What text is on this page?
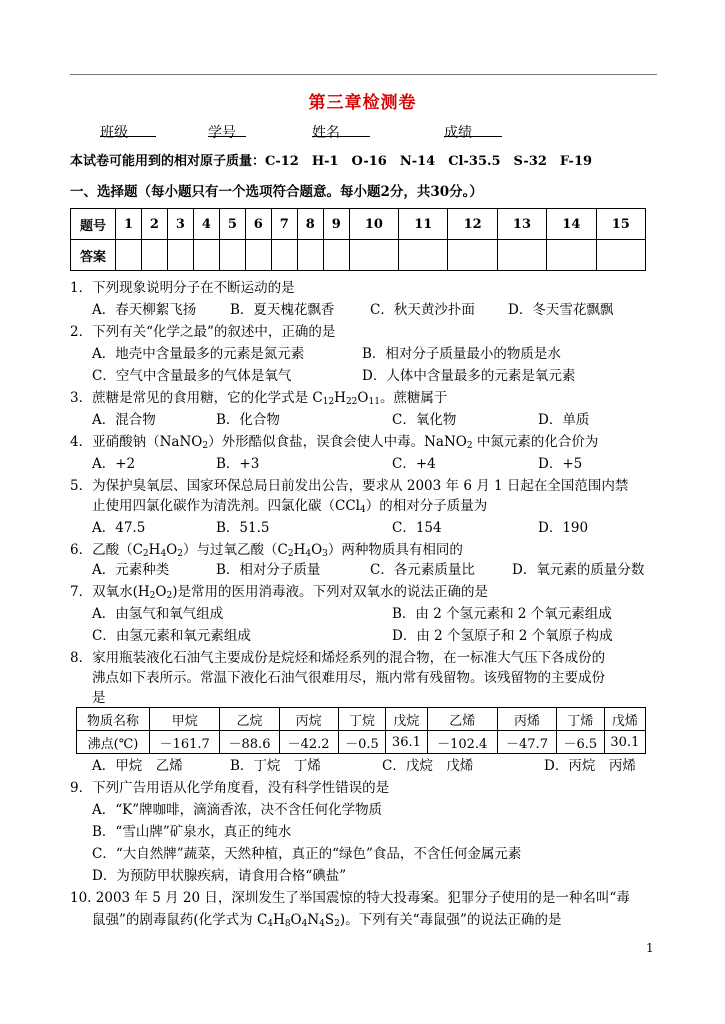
第三章检测卷
班级	学号	姓名	成绩
本试卷可能用到的相对原子质量：C-12　H-1　O-16　N-14　Cl-35.5　S-32　F-19
一、选择题（每小题只有一个选项符合题意。每小题2分，共30分。）
题号	1	2	3	4	5	6	7	8	9	10	11	12	13	14	15
答案															
1．下列现象说明分子在不断运动的是
A．春天柳絮飞扬	B．夏天槐花飘香	C．秋天黄沙扑面 D．冬天雪花飘飘
2．下列有关“化学之最”的叙述中，正确的是
A．地壳中含量最多的元素是氮元素	B．相对分子质量最小的物质是水
C．空气中含量最多的气体是氧气	D．人体中含量最多的元素是氧元素
3．蔗糖是常见的食用糖，它的化学式是 $C_{12}H_{22}O_{11}$。蔗糖属于
A．混合物	B．化合物	C．氧化物	D．单质
4．亚硝酸钠（NaNO$_2$）外形酷似食盐，误食会使人中毒。NaNO$_2$ 中氮元素的化合价为
A．+2	B．+3	C．+4	D．+5
5．为保护臭氧层、国家环保总局日前发出公告，要求从 2003 年 6 月 1 日起在全国范围内禁
止使用四氯化碳作为清洗剂。四氯化碳（CCl$_4$）的相对分子质量为
A．47.5	B．51.5	C．154	D．190
6．乙酸$(C_2H_4O_2)$与过氧乙酸$(C_2H_4O_3)$两种物质具有相同的
A．元素种类	B．相对分子质量	C．各元素质量比	D．氧元素的质量分数
7．双氧水$(H_2O_2)$是常用的医用消毒液。下列对双氧水的说法正确的是
A．由氢气和氧气组成	B．由 2 个氢元素和 2 个氧元素组成
C．由氢元素和氧元素组成	D．由 2 个氢原子和 2 个氧原子构成
8．家用瓶装液化石油气主要成份是烷烃和烯烃系列的混合物，在一标准大气压下各成份的
沸点如下表所示。常温下液化石油气很难用尽，瓶内常有残留物。该残留物的主要成份
是
物质名称	甲烷	乙烷	丙烷	丁烷	戊烷	乙烯	丙烯	丁烯	戊烯
沸点(℃)	－161.7	－88.6	－42.2	－0.5	36.1	－102.4	－47.7	－6.5	30.1
A．甲烷　乙烯	B．丁烷　丁烯	C．戊烷　戊烯	D．丙烷　丙烯
9．下列广告用语从化学角度看，没有科学性错误的是
A．“K”牌咖啡，滴滴香浓，决不含任何化学物质
B．“雪山牌”矿泉水，真正的纯水
C．“大自然牌”蔬菜，天然种植，真正的“绿色”食品，不含任何金属元素
D．为预防甲状腺疾病，请食用合格“碘盐”
10. 2003 年 5 月 20 日，深圳发生了举国震惊的特大投毒案。犯罪分子使用的是一种名叫“毒
鼠强”的剧毒鼠药(化学式为 $C_4H_8O_4N_4S_2$)。下列有关“毒鼠强”的说法正确的是
1
